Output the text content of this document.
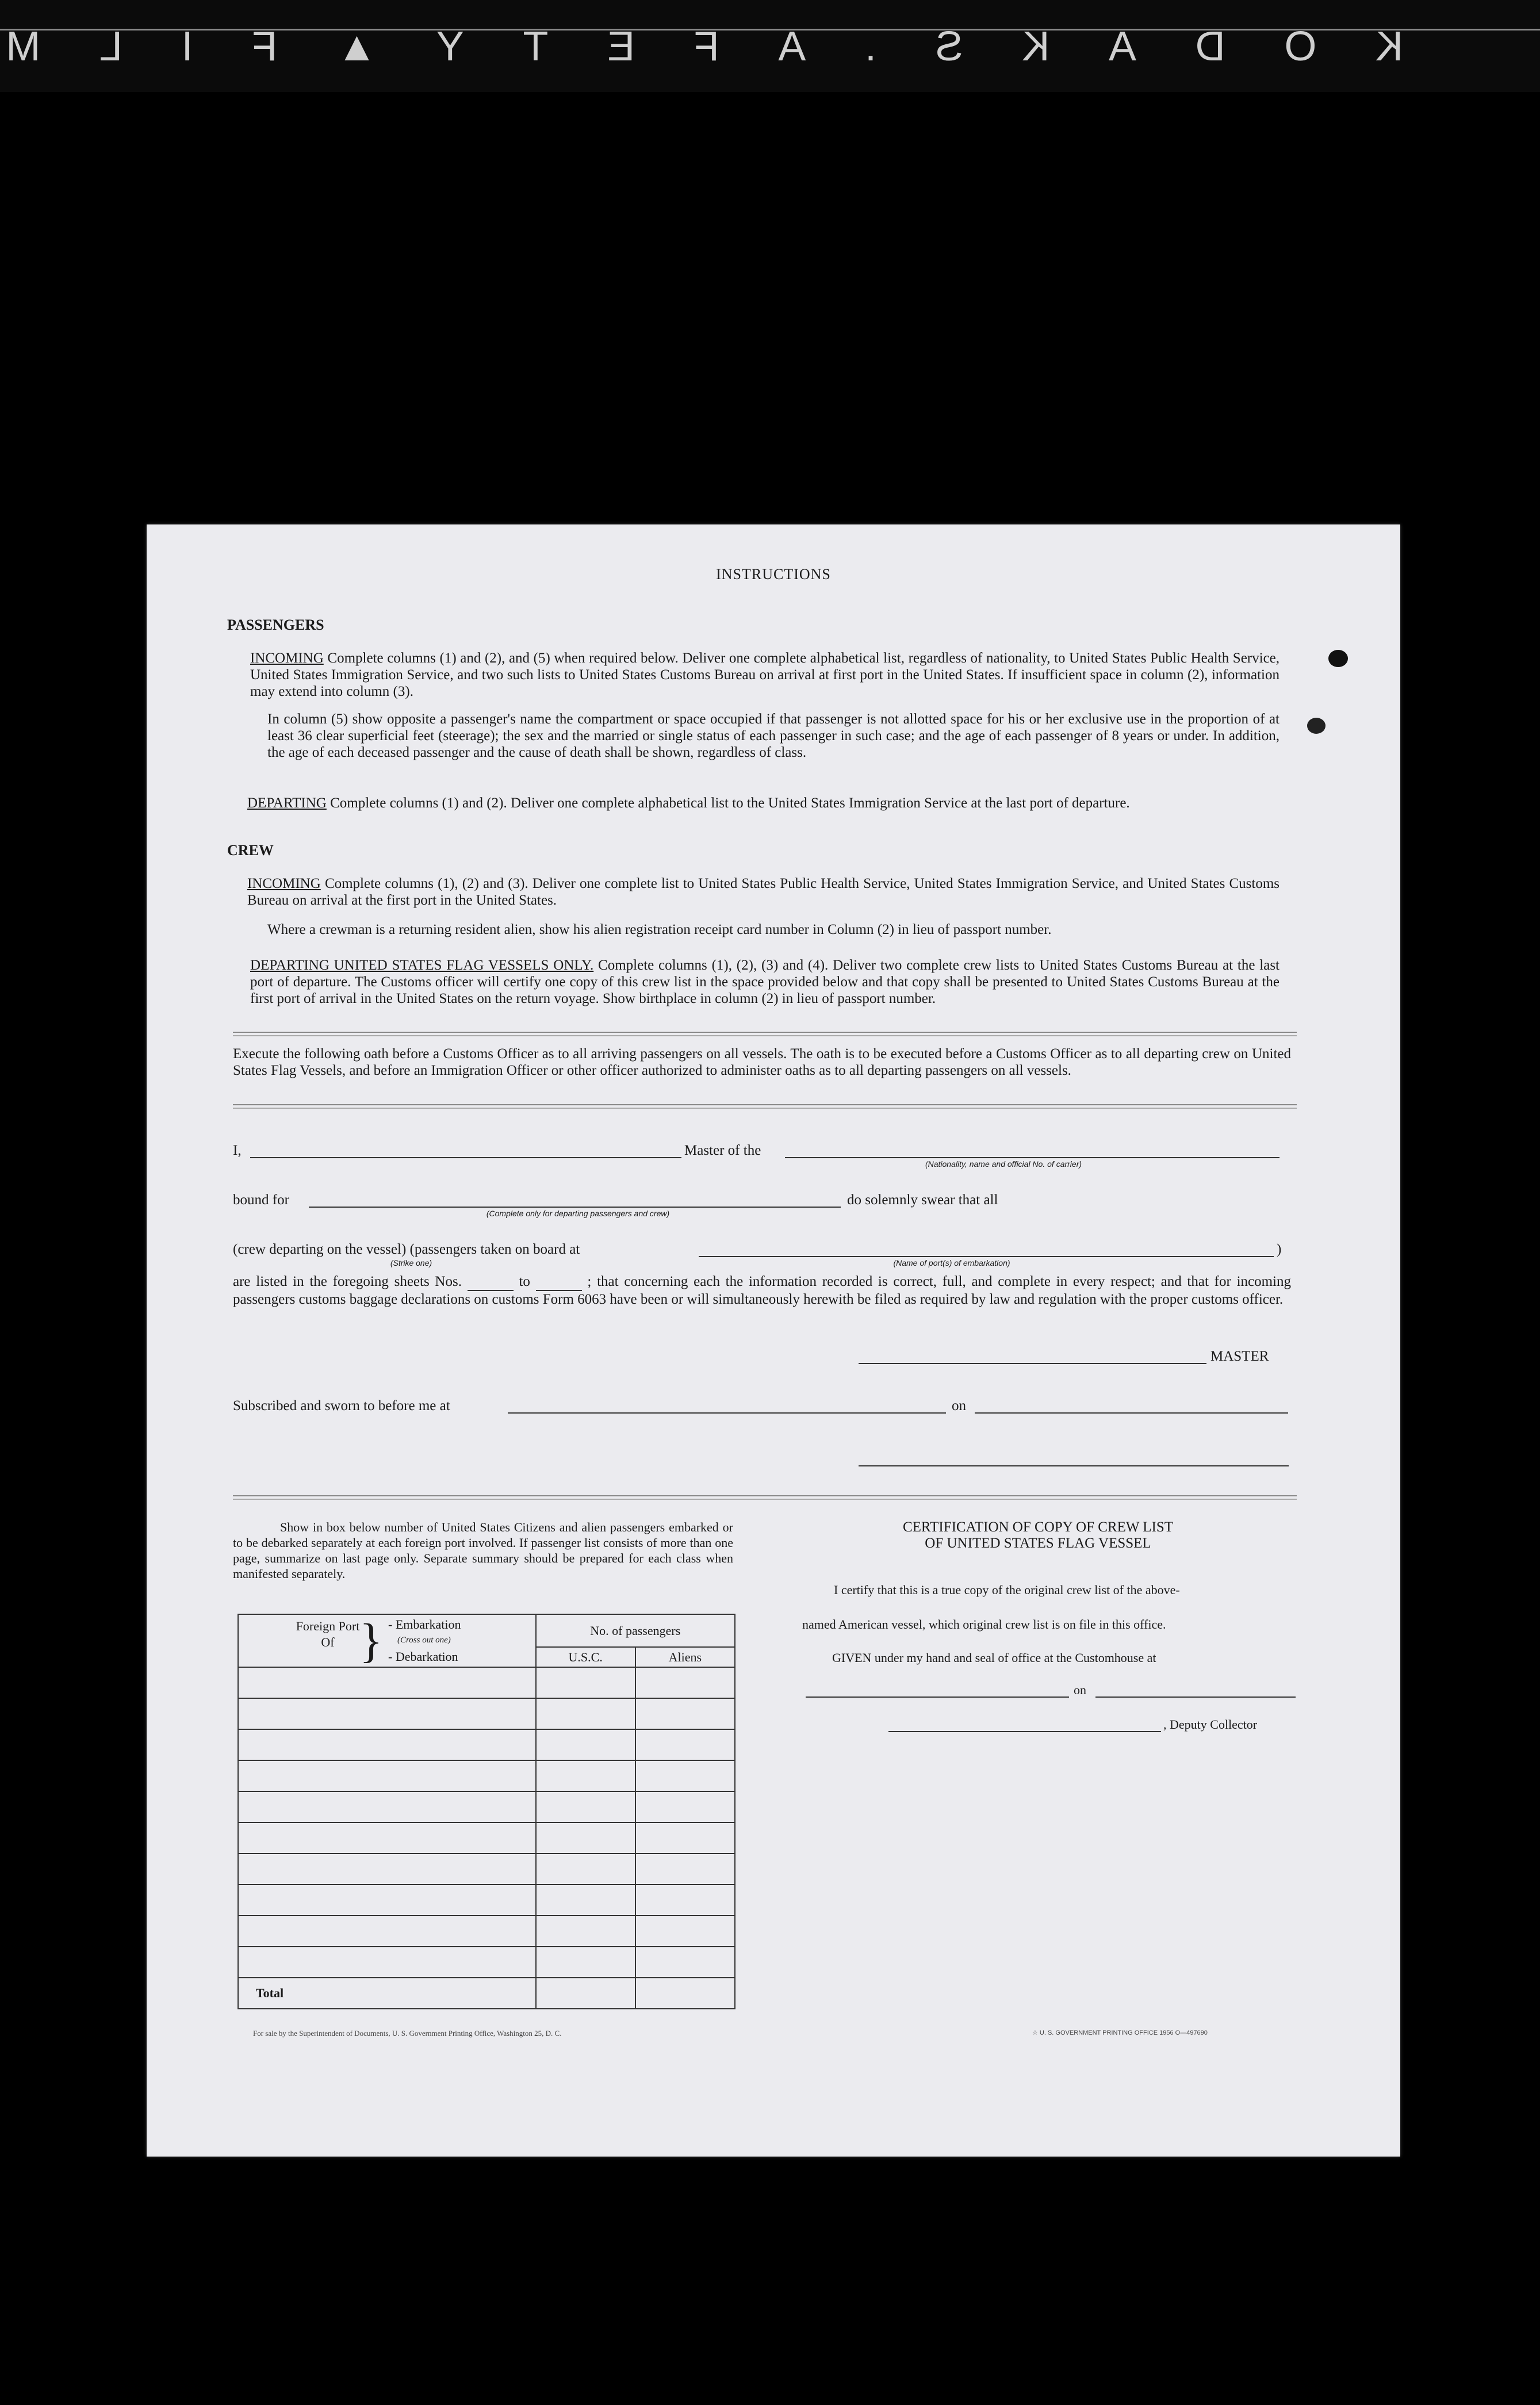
K
O
D
A
K
S
.
A
F
E
T
Y
▲
F
I
L
M
INSTRUCTIONS
PASSENGERS
INCOMING Complete columns (1) and (2), and (5) when required below. Deliver one complete alphabetical list, regardless of nationality, to United States Public Health Service, United States Immigration Service, and two such lists to United States Customs Bureau on arrival at first port in the United States. If insufficient space in column (2), information may extend into column (3).
In column (5) show opposite a passenger's name the compartment or space occupied if that passenger is not allotted space for his or her exclusive use in the proportion of at least 36 clear superficial feet (steerage); the sex and the married or single status of each passenger in such case; and the age of each passenger of 8 years or under. In addition, the age of each deceased passenger and the cause of death shall be shown, regardless of class.
DEPARTING Complete columns (1) and (2). Deliver one complete alphabetical list to the United States Immigration Service at the last port of departure.
CREW
INCOMING Complete columns (1), (2) and (3). Deliver one complete list to United States Public Health Service, United States Immigration Service, and United States Customs Bureau on arrival at the first port in the United States.
Where a crewman is a returning resident alien, show his alien registration receipt card number in Column (2) in lieu of passport number.
DEPARTING UNITED STATES FLAG VESSELS ONLY. Complete columns (1), (2), (3) and (4). Deliver two complete crew lists to United States Customs Bureau at the last port of departure. The Customs officer will certify one copy of this crew list in the space provided below and that copy shall be presented to United States Customs Bureau at the first port of arrival in the United States on the return voyage. Show birthplace in column (2) in lieu of passport number.
Execute the following oath before a Customs Officer as to all arriving passengers on all vessels. The oath is to be executed before a Customs Officer as to all departing crew on United States Flag Vessels, and before an Immigration Officer or other officer authorized to administer oaths as to all departing passengers on all vessels.
I,	Master of the
(Nationality, name and official No. of carrier)
bound for
(Complete only for departing passengers and crew)
do solemnly swear that all
(crew departing on the vessel) (passengers taken on board at
(Strike one)	(Name of port(s) of embarkation)
)
are listed in the foregoing sheets Nos.	to	; that concerning each the information recorded is correct, full, and complete in every respect; and that for incoming passengers customs baggage declarations on customs Form 6063 have been or will simultaneously herewith be filed as required by law and regulation with the proper customs officer.
MASTER
Subscribed and sworn to before me at	on
Show in box below number of United States Citizens and alien passengers embarked or to be debarked separately at each foreign port involved. If passenger list consists of more than one page, summarize on last page only. Separate summary should be prepared for each class when manifested separately.
Foreign Port Of } - Embarkation
(Cross out one)
- Debarkation	No. of passengers	
	U.S.C.	Aliens

Total		
CERTIFICATION OF COPY OF CREW LIST
OF UNITED STATES FLAG VESSEL
I certify that this is a true copy of the original crew list of the above-
named American vessel, which original crew list is on file in this office.
GIVEN under my hand and seal of office at the Customhouse at
on
, Deputy Collector
For sale by the Superintendent of Documents, U. S. Government Printing Office, Washington 25, D. C.	☆ U. S. GOVERNMENT PRINTING OFFICE 1956 O—497690
